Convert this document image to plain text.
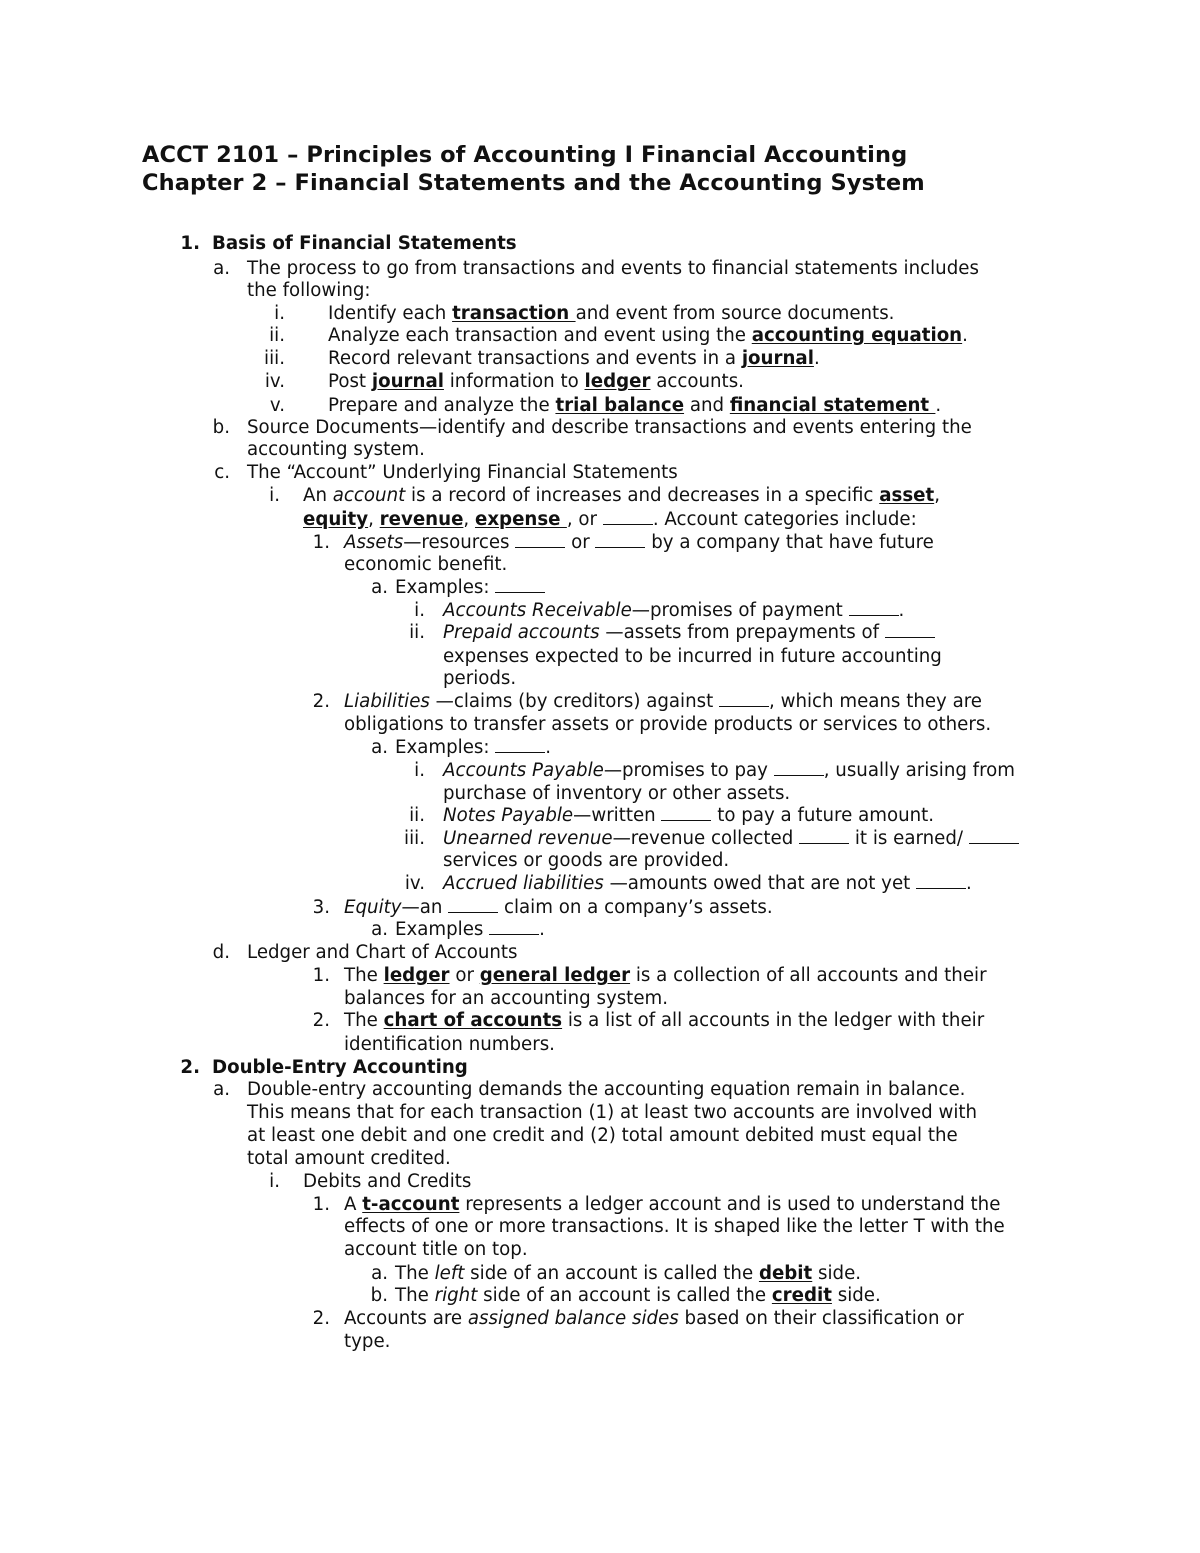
ACCT 2101 – Principles of Accounting I Financial Accounting
Chapter 2 – Financial Statements and the Accounting System
1. Basis of Financial Statements
a. The process to go from transactions and events to financial statements includes
the following:
i. Identify each transaction and event from source documents.
ii. Analyze each transaction and event using the accounting equation.
iii. Record relevant transactions and events in a journal.
iv. Post journal information to ledger accounts.
v. Prepare and analyze the trial balance and financial statement .
b. Source Documents—identify and describe transactions and events entering the
accounting system.
c. The “Account” Underlying Financial Statements
i. An account is a record of increases and decreases in a specific asset,
equity, revenue, expense , or	. Account categories include:
1. Assets—resources	or	by a company that have future
economic benefit.
a. Examples:
i. Accounts Receivable—promises of payment	.
ii. Prepaid accounts —assets from prepayments of
expenses expected to be incurred in future accounting
periods.
2. Liabilities —claims (by creditors) against	, which means they are
obligations to transfer assets or provide products or services to others.
a. Examples:	.
i. Accounts Payable—promises to pay	, usually arising from
purchase of inventory or other assets.
ii. Notes Payable—written	to pay a future amount.
iii. Unearned revenue—revenue collected	it is earned/
services or goods are provided.
iv. Accrued liabilities —amounts owed that are not yet	.
3. Equity—an	claim on a company’s assets.
a. Examples	.
d. Ledger and Chart of Accounts
1. The ledger or general ledger is a collection of all accounts and their
balances for an accounting system.
2. The chart of accounts is a list of all accounts in the ledger with their
identification numbers.
2. Double-Entry Accounting
a. Double-entry accounting demands the accounting equation remain in balance.
This means that for each transaction (1) at least two accounts are involved with
at least one debit and one credit and (2) total amount debited must equal the
total amount credited.
i. Debits and Credits
1. A t-account represents a ledger account and is used to understand the
effects of one or more transactions. It is shaped like the letter T with the
account title on top.
a. The left side of an account is called the debit side.
b. The right side of an account is called the credit side.
2. Accounts are assigned balance sides based on their classification or
type.
